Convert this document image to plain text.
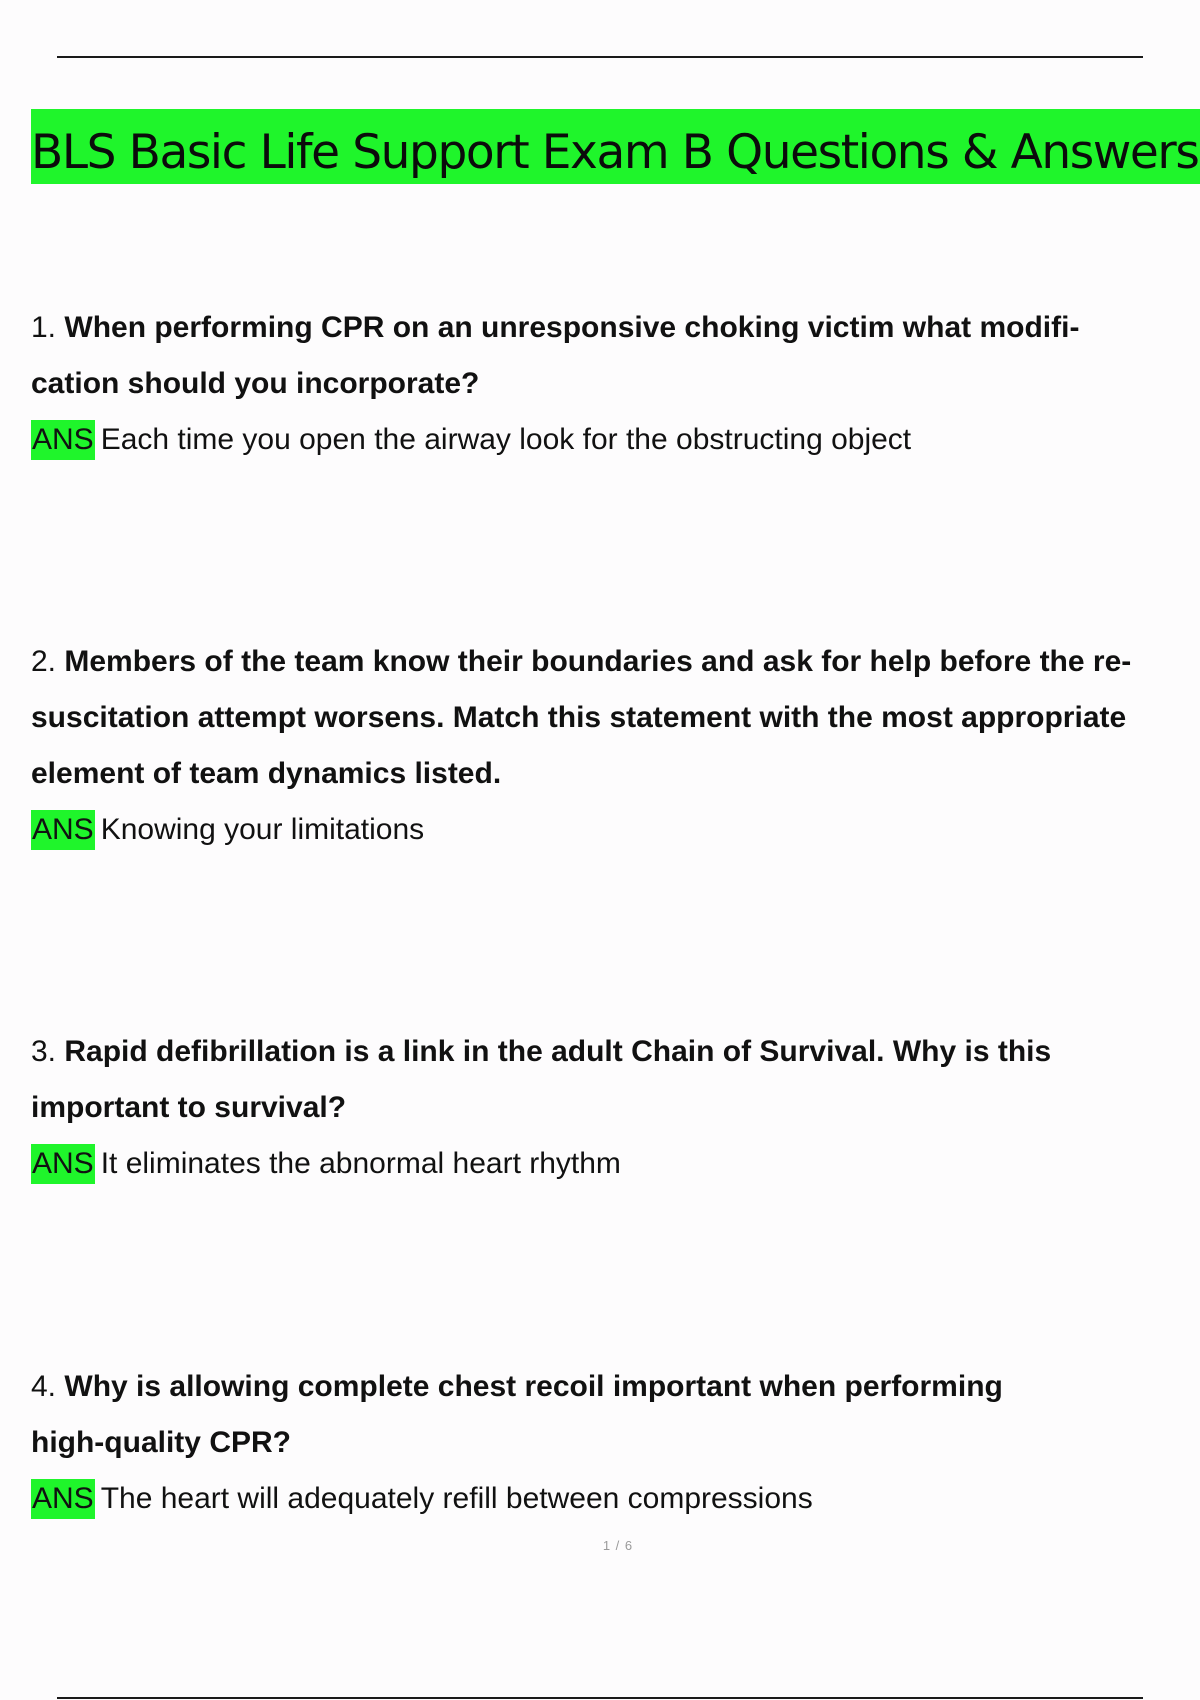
BLS Basic Life Support Exam B Questions & Answers

1. When performing CPR on an unresponsive choking victim what modifi-

cation should you incorporate?

ANS Each time you open the airway look for the obstructing object

2. Members of the team know their boundaries and ask for help before the re-

suscitation attempt worsens. Match this statement with the most appropriate

element of team dynamics listed.

ANS Knowing your limitations

3. Rapid defibrillation is a link in the adult Chain of Survival. Why is this

important to survival?

ANS It eliminates the abnormal heart rhythm

4. Why is allowing complete chest recoil important when performing

high-quality CPR?

ANS The heart will adequately refill between compressions

1 / 6
